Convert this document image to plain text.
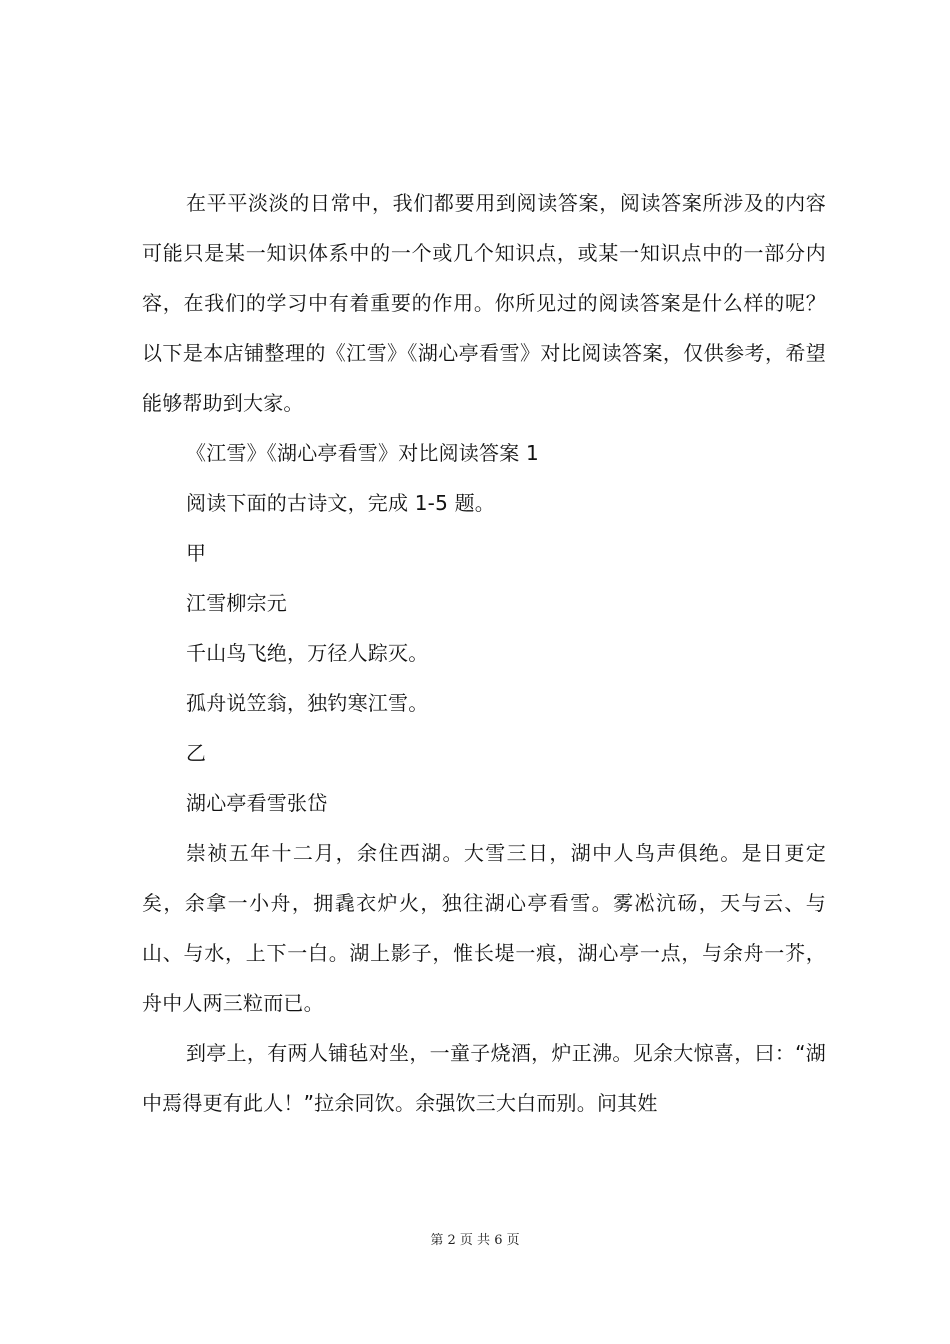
在平平淡淡的日常中，我们都要用到阅读答案，阅读答案所涉及的内容可能只是某一知识体系中的一个或几个知识点，或某一知识点中的一部分内容，在我们的学习中有着重要的作用。你所见过的阅读答案是什么样的呢？以下是本店铺整理的《江雪》《湖心亭看雪》对比阅读答案，仅供参考，希望能够帮助到大家。

《江雪》《湖心亭看雪》对比阅读答案 1

阅读下面的古诗文，完成 1-5 题。

甲

江雪柳宗元

千山鸟飞绝，万径人踪灭。

孤舟说笠翁，独钓寒江雪。

乙

湖心亭看雪张岱

崇祯五年十二月，余住西湖。大雪三日，湖中人鸟声俱绝。是日更定矣，余拿一小舟，拥毳衣炉火，独往湖心亭看雪。雾凇沆砀，天与云、与山、与水，上下一白。湖上影子，惟长堤一痕，湖心亭一点，与余舟一芥，舟中人两三粒而已。

到亭上，有两人铺毡对坐，一童子烧酒，炉正沸。见余大惊喜，曰：“湖中焉得更有此人！”拉余同饮。余强饮三大白而别。问其姓

第 2 页 共 6 页
